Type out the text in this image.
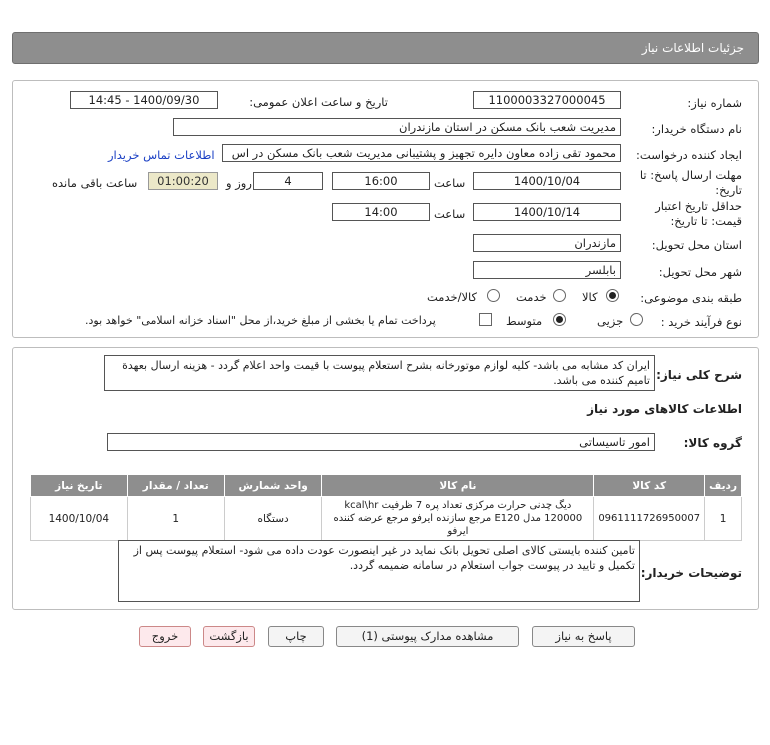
جزئیات اطلاعات نیاز
شماره نیاز:
1100003327000045
تاریخ و ساعت اعلان عمومی:
1400/09/30 - 14:45
نام دستگاه خریدار:
مدیریت شعب بانک مسکن در استان مازندران
ایجاد کننده درخواست:
محمود تقی زاده معاون دایره تجهیز و پشتیبانی مدیریت شعب بانک مسکن در اس
اطلاعات تماس خریدار
مهلت ارسال پاسخ: تا
تاریخ:
1400/10/04
ساعت
16:00
4
روز و
01:00:20
ساعت باقی مانده
حداقل تاریخ اعتبار
قیمت: تا تاریخ:
1400/10/14
ساعت
14:00
استان محل تحویل:
مازندران
شهر محل تحویل:
بابلسر
طبقه بندی موضوعی:
کالا
خدمت
کالا/خدمت
نوع فرآیند خرید :
جزیی
متوسط
پرداخت تمام یا بخشی از مبلغ خرید،از محل "اسناد خزانه اسلامی" خواهد بود.
شرح کلی نیاز:
ایران کد مشابه می باشد- کلیه لوازم موتورخانه بشرح استعلام پیوست با قیمت واحد اعلام گردد - هزینه ارسال بعهدة تامیم کننده می باشد.
اطلاعات کالاهای مورد نیاز
گروه کالا:
امور تاسیساتی
ردیف	کد کالا	نام کالا	واحد شمارش	تعداد / مقدار	تاریخ نیاز
1	0961111726950007	دیگ چدنی حرارت مرکزی تعداد پره 7 ظرفیت kcal\hr 120000 مدل E120 مرجع سازنده ایرفو مرجع عرضه کننده ایرفو	دستگاه	1	1400/10/04
توضیحات خریدار:
تامین کننده بایستی کالای اصلی تحویل بانک نماید در غیر اینصورت عودت داده می شود- استعلام پیوست پس از تکمیل و تایید در پیوست جواب استعلام در سامانه ضمیمه گردد.
پاسخ به نیاز
مشاهده مدارک پیوستی (1)
چاپ
بازگشت
خروج
